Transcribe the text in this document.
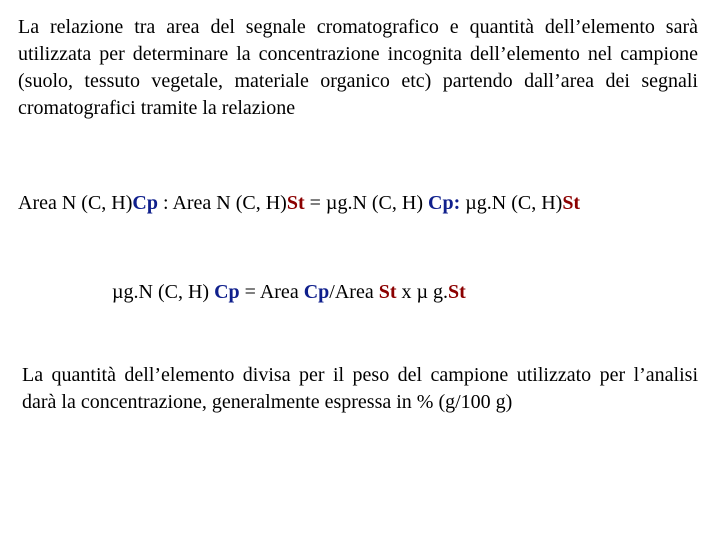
La relazione tra area del segnale cromatografico e quantità dell’elemento sarà utilizzata per determinare la concentrazione incognita dell’elemento nel campione (suolo, tessuto vegetale, materiale organico etc) partendo dall’area dei segnali cromatografici tramite la relazione

Area N (C, H)Cp : Area N (C, H)St = µg.N (C, H) Cp: µg.N (C, H)St
µg.N (C, H) Cp = Area Cp/Area St x µ g.St

La quantità dell’elemento divisa per il peso del campione utilizzato per l’analisi darà la concentrazione, generalmente espressa in % (g/100 g)
